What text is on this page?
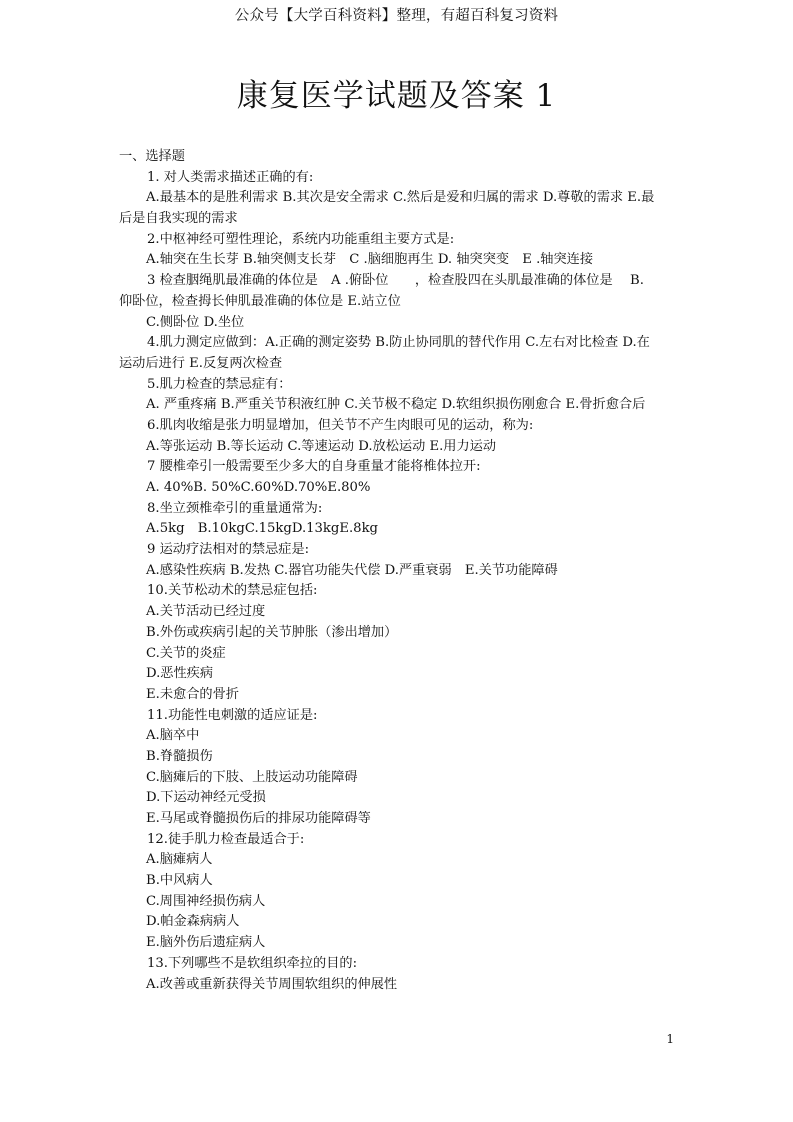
公众号【大学百科资料】整理，有超百科复习资料
康复医学试题及答案 1
一、选择题
1. 对人类需求描述正确的有:
A.最基本的是胜利需求 B.其次是安全需求 C.然后是爱和归属的需求 D.尊敬的需求 E.最
后是自我实现的需求
2.中枢神经可塑性理论，系统内功能重组主要方式是:
A.轴突在生长芽 B.轴突侧支长芽　C .脑细胞再生 D. 轴突突变　E .轴突连接
3 检查胭绳肌最准确的体位是　A .俯卧位　　，检查股四在头肌最准确的体位是　 B.
仰卧位，检查拇长伸肌最准确的体位是 E.站立位
C.侧卧位 D.坐位
4.肌力测定应做到：A.正确的测定姿势 B.防止协同肌的替代作用 C.左右对比检查 D.在
运动后进行 E.反复两次检查
5.肌力检查的禁忌症有：
A. 严重疼痛 B.严重关节积液红肿 C.关节极不稳定 D.软组织损伤刚愈合 E.骨折愈合后
6.肌肉收缩是张力明显增加，但关节不产生肉眼可见的运动，称为:
A.等张运动 B.等长运动 C.等速运动 D.放松运动 E.用力运动
7 腰椎牵引一般需要至少多大的自身重量才能将椎体拉开:
A. 40%B. 50%C.60%D.70%E.80%
8.坐立颈椎牵引的重量通常为:
A.5kg　B.10kgC.15kgD.13kgE.8kg
9 运动疗法相对的禁忌症是:
A.感染性疾病 B.发热 C.器官功能失代偿 D.严重衰弱　E.关节功能障碍
10.关节松动术的禁忌症包括:
A.关节活动已经过度
B.外伤或疾病引起的关节肿胀（渗出增加）
C.关节的炎症
D.恶性疾病
E.未愈合的骨折
11.功能性电刺激的适应证是:
A.脑卒中
B.脊髓损伤
C.脑瘫后的下肢、上肢运动功能障碍
D.下运动神经元受损
E.马尾或脊髓损伤后的排尿功能障碍等
12.徒手肌力检查最适合于:
A.脑瘫病人
B.中风病人
C.周围神经损伤病人
D.帕金森病病人
E.脑外伤后遗症病人
13.下列哪些不是软组织牵拉的目的:
A.改善或重新获得关节周围软组织的伸展性
1
